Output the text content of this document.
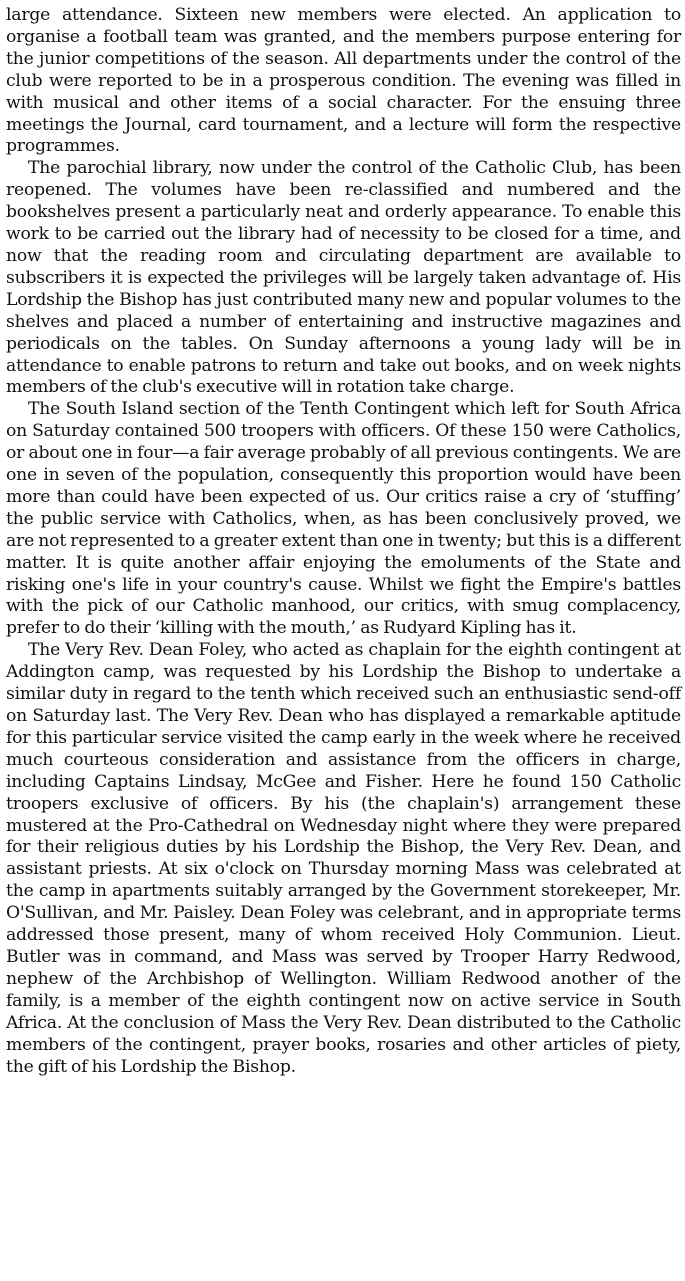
large attendance. Sixteen new members were elected. An application to organise a football team was granted, and the members purpose entering for the junior competitions of the season. All departments under the control of the club were reported to be in a prosperous condition. The evening was filled in with musical and other items of a social character. For the ensuing three meetings the Journal, card tournament, and a lecture will form the respective programmes.

The parochial library, now under the control of the Catholic Club, has been reopened. The volumes have been re-classified and numbered and the bookshelves present a particularly neat and orderly appearance. To enable this work to be carried out the library had of necessity to be closed for a time, and now that the reading room and circulating department are available to subscribers it is expected the privileges will be largely taken advantage of. His Lordship the Bishop has just contributed many new and popular volumes to the shelves and placed a number of entertaining and instructive magazines and periodicals on the tables. On Sunday afternoons a young lady will be in attendance to enable patrons to return and take out books, and on week nights members of the club's executive will in rotation take charge.

The South Island section of the Tenth Contingent which left for South Africa on Saturday contained 500 troopers with officers. Of these 150 were Catholics, or about one in four—a fair average probably of all previous contingents. We are one in seven of the population, consequently this proportion would have been more than could have been expected of us. Our critics raise a cry of ‘stuffing’ the public service with Catholics, when, as has been conclusively proved, we are not represented to a greater extent than one in twenty; but this is a different matter. It is quite another affair enjoying the emoluments of the State and risking one's life in your country's cause. Whilst we fight the Empire's battles with the pick of our Catholic manhood, our critics, with smug complacency, prefer to do their ‘killing with the mouth,’ as Rudyard Kipling has it.

The Very Rev. Dean Foley, who acted as chaplain for the eighth contingent at Addington camp, was requested by his Lordship the Bishop to undertake a similar duty in regard to the tenth which received such an enthusiastic send-off on Saturday last. The Very Rev. Dean who has displayed a remarkable aptitude for this particular service visited the camp early in the week where he received much courteous consideration and assistance from the officers in charge, including Captains Lindsay, McGee and Fisher. Here he found 150 Catholic troopers exclusive of officers. By his (the chaplain's) arrangement these mustered at the Pro-Cathedral on Wednesday night where they were prepared for their religious duties by his Lordship the Bishop, the Very Rev. Dean, and assistant priests. At six o'clock on Thursday morning Mass was celebrated at the camp in apartments suitably arranged by the Government storekeeper, Mr. O'Sullivan, and Mr. Paisley. Dean Foley was celebrant, and in appropriate terms addressed those present, many of whom received Holy Communion. Lieut. Butler was in command, and Mass was served by Trooper Harry Redwood, nephew of the Archbishop of Wellington. William Redwood another of the family, is a member of the eighth contingent now on active service in South Africa. At the conclusion of Mass the Very Rev. Dean distributed to the Catholic members of the contingent, prayer books, rosaries and other articles of piety, the gift of his Lordship the Bishop.
